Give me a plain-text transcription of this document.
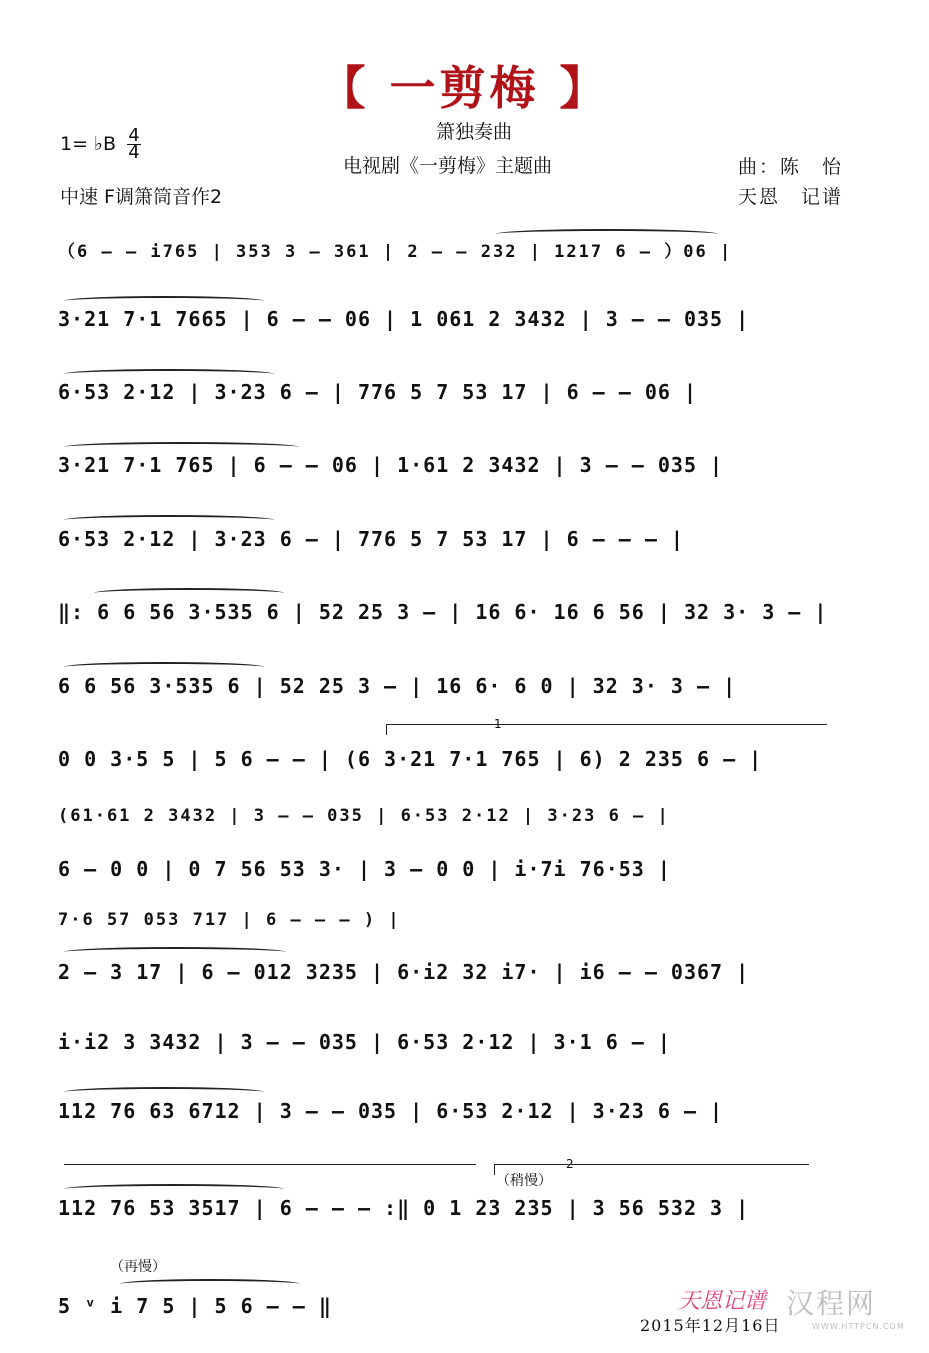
【 一剪梅 】
箫独奏曲
电视剧《一剪梅》主题曲
1= ♭B 4
4
中速 F调箫筒音作2
曲：陈　怡
天恩　记谱
（6 – – i765 | 353 3 – 361 | 2 – – 232 | 1217 6 – ）06 |
3·21 7·1 7665 | 6 – – 06 | 1 061 2 3432 | 3 – – 035 |
6·53 2·12 | 3·23 6 – | 776 5 7 53 17 | 6 – – 06 |
3·21 7·1 765 | 6 – – 06 | 1·61 2 3432 | 3 – – 035 |
6·53 2·12 | 3·23 6 – | 776 5 7 53 17 | 6 – – – |
‖: 6 6 56 3·535 6 | 52 25 3 – | 16 6· 16 6 56 | 32 3· 3 – |
6 6 56 3·535 6 | 52 25 3 – | 16 6· 6 0 | 32 3· 3 – |
0 0 3·5 5 | 5 6 – – | (6 3·21 7·1 765 | 6) 2 235 6 – |
(61·61 2 3432 | 3 – – 035 | 6·53 2·12 | 3·23 6 – |
6 – 0 0 | 0 7 56 53 3· | 3 – 0 0 | i·7i 76·53 |
7·6 57 053 717 | 6 – – – ) |
2 – 3 17 | 6 – 012 3235 | 6·i2 32 i7· | i6 – – 0367 |
i·i2 3 3432 | 3 – – 035 | 6·53 2·12 | 3·1 6 – |
112 76 63 6712 | 3 – – 035 | 6·53 2·12 | 3·23 6 – |
112 76 53 3517 | 6 – – – :‖ 0 1 23 235 | 3 56 532 3 |
5 ᵛ i 7 5 | 5 6 – – ‖
1
2
（稍慢）
（再慢）
天恩记谱 汉程网
WWW.HTTPCN.COM
2015年12月16日
